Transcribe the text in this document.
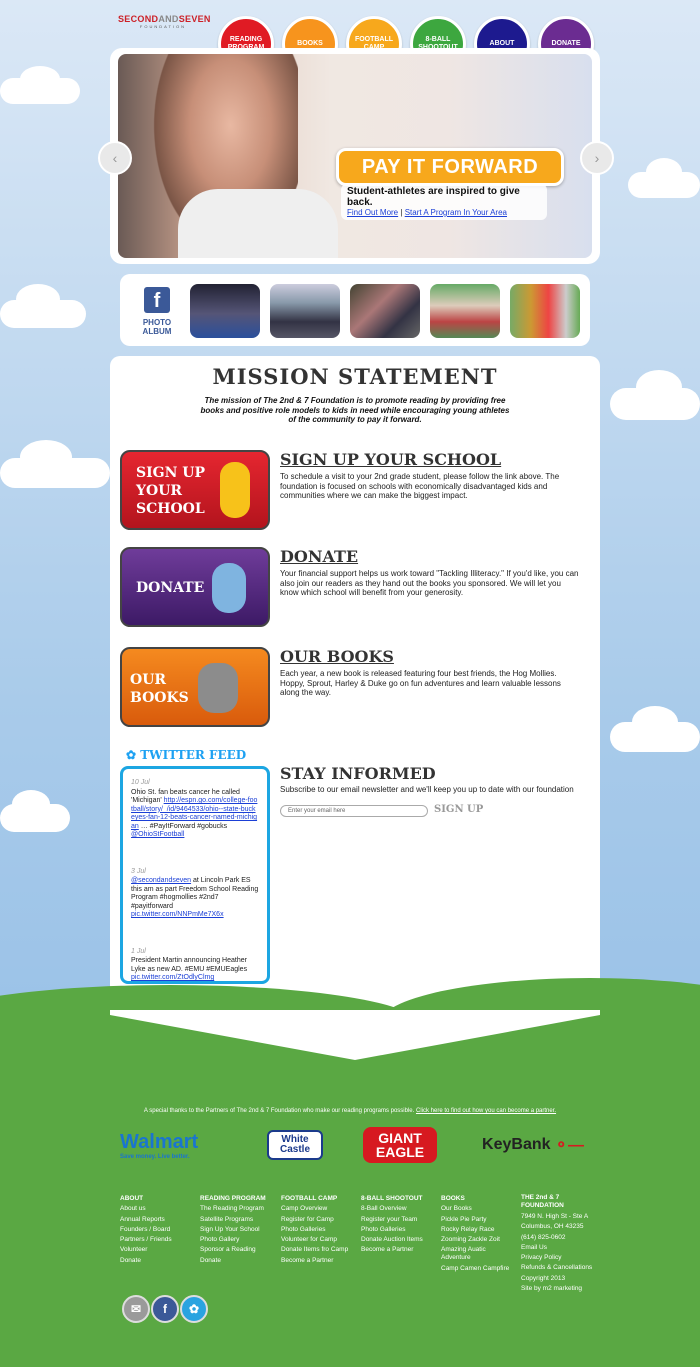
SECONDANDSEVEN
FOUNDATION
READING
BOOKS
FOOTBALL	8-BALL
ABOUT	DONATE
‹	›
PAY IT FORWARD
Student-athletes are inspired to give back.
Find Out More | Start A Program In Your Area
f
PHOTO ALBUM
MISSION STATEMENT
The mission of The 2nd & 7 Foundation is to promote reading by providing free books and positive role models to kids in need while encouraging young athletes of the community to pay it forward.
SIGN UP YOUR SCHOOL
SIGN UP YOUR SCHOOL
To schedule a visit to your 2nd grade student, please follow the link above. The foundation is focused on schools with economically disadvantaged kids and communities where we can make the biggest impact.
DONATE
DONATE
Your financial support helps us work toward "Tackling Illiteracy." If you'd like, you can also join our readers as they hand out the books you sponsored. We will let you know which school will benefit from your generosity.
OUR BOOKS
OUR BOOKS
Each year, a new book is released featuring four best friends, the Hog Mollies. Hoppy, Sprout, Harley & Duke go on fun adventures and learn valuable lessons along the way.
✿ TWITTER FEED
10 Jul
Ohio St. fan beats cancer he called 'Michigan' http://espn.go.com/college-football/story/_/id/9464533/ohio--state-buckeyes-fan-12-beats-cancer-named-michigan … #PayItForward #gobucks @OhioStFootball
3 Jul
@secondandseven at Lincoln Park ES this am as part Freedom School Reading Program #hogmollies #2nd7 #payitforward pic.twitter.com/NNPmMe7X6x
1 Jul
President Martin announcing Heather Lyke as new AD. #EMU #EMUEagles pic.twitter.com/ZtOdlyClmg
STAY INFORMED
Subscribe to our email newsletter and we'll keep you up to date with our foundation
Enter your email here	SIGN UP
A special thanks to the Partners of The 2nd & 7 Foundation who make our reading programs possible. Click here to find out how you can become a partner.
Walmart
Save money. Live better.
White Castle
GIANT EAGLE	KeyBank ⚬—
ABOUT
About us
Annual Reports
Founders / Board
Partners / Friends
Volunteer
Donate
READING PROGRAM
The Reading Program
Satellite Programs
Sign Up Your School
Photo Gallery
Sponsor a Reading
Donate
FOOTBALL CAMP
Camp Overview
Register for Camp
Photo Galleries
Volunteer for Camp
Donate Items fro Camp
Become a Partner
8-BALL SHOOTOUT
8-Ball Overview
Register your Team
Photo Galleries
Donate Auction Items
Become a Partner
BOOKS
Our Books
Pickle Pie Party
Rocky Relay Race
Zooming Zackle Zoit
Amazing Auatic Adventure
Camp Camen Campfire
THE 2nd & 7 FOUNDATION
7949 N. High St - Ste A
Columbus, OH 43235
(614) 825-0602
Email Us
Privacy Policy
Refunds & Cancellations
Copyright 2013
Site by m2 marketing
✉	f	✿
